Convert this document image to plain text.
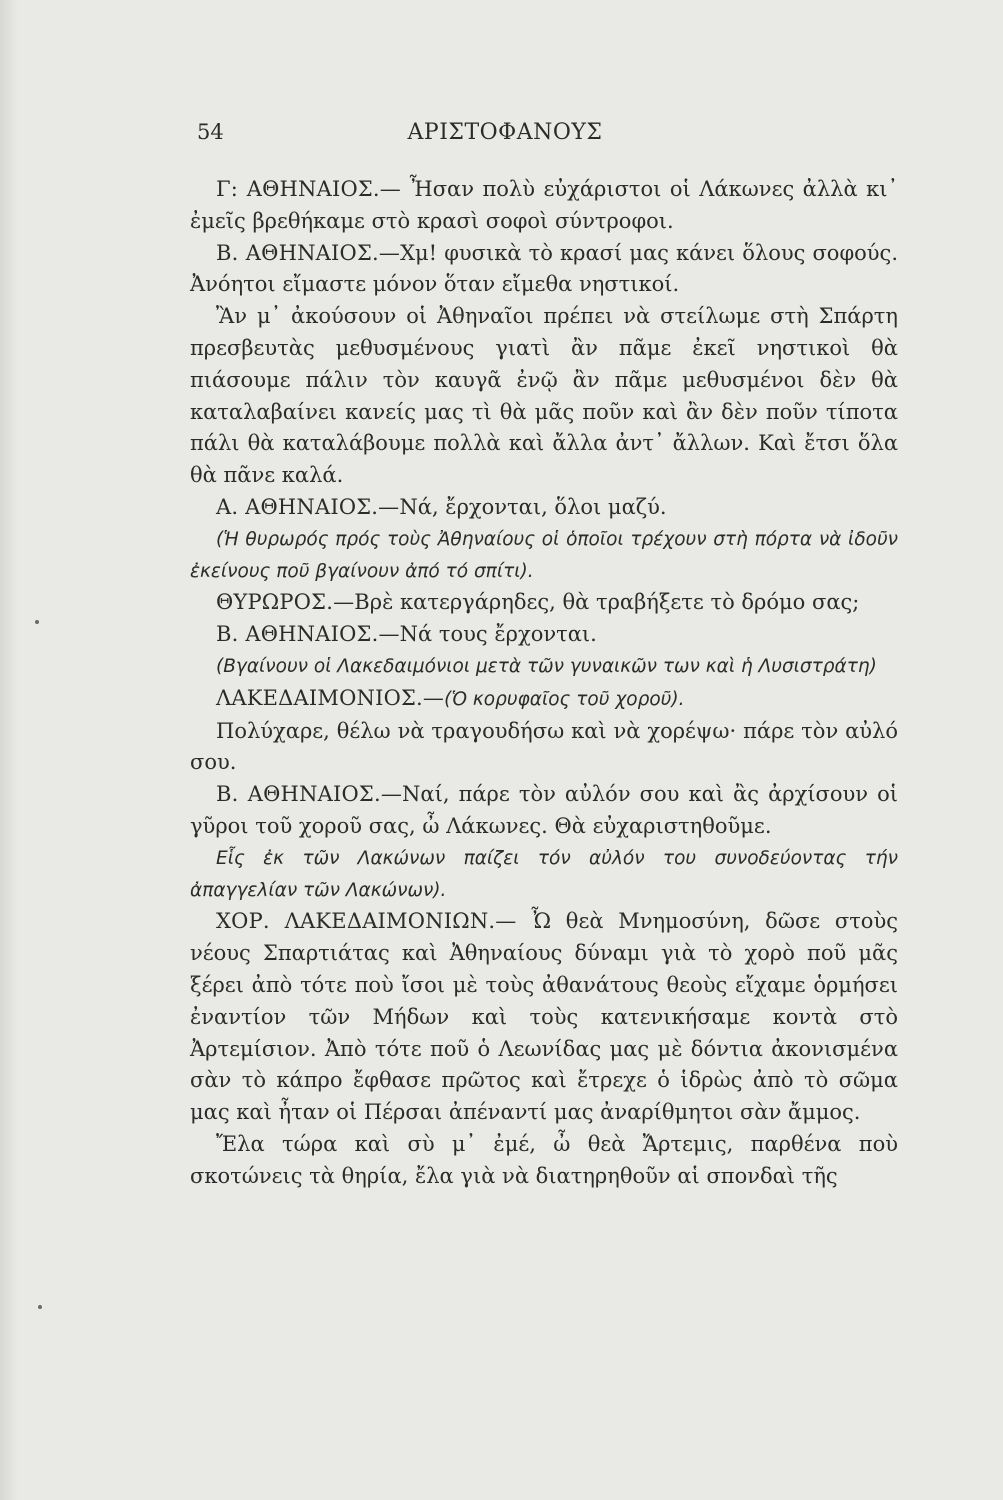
54	ΑΡΙΣΤΟΦΑΝΟΥΣ

Γ: ΑΘΗΝΑΙΟΣ.— Ἦσαν πολὺ εὐχάριστοι οἱ Λάκωνες ἀλλὰ κι᾿ ἐμεῖς βρεθήκαμε στὸ κρασὶ σοφοὶ σύντροφοι.

Β. ΑΘΗΝΑΙΟΣ.—Χμ! φυσικὰ τὸ κρασί μας κάνει ὅλους σοφούς. Ἀνόητοι εἴμαστε μόνον ὅταν εἴμεθα νηστικοί.

Ἂν μ᾿ ἀκούσουν οἱ Ἀθηναῖοι πρέπει νὰ στείλωμε στὴ Σπάρτη πρεσβευτὰς μεθυσμένους γιατὶ ἂν πᾶμε ἐκεῖ νηστικοὶ θὰ πιάσουμε πάλιν τὸν καυγᾶ ἐνῷ ἂν πᾶμε μεθυσμένοι δὲν θὰ καταλαβαίνει κανείς μας τὶ θὰ μᾶς ποῦν καὶ ἂν δὲν ποῦν τίποτα πάλι θὰ καταλάβουμε πολλὰ καὶ ἄλλα ἀντ᾿ ἄλλων. Καὶ ἔτσι ὅλα θὰ πᾶνε καλά.

Α. ΑΘΗΝΑΙΟΣ.—Νά, ἔρχονται, ὅλοι μαζύ.

(Ἡ θυρωρός πρός τοὺς Ἀθηναίους οἱ ὁποῖοι τρέχουν στὴ πόρτα νὰ ἰδοῦν ἐκείνους ποῦ βγαίνουν ἀπό τό σπίτι).

ΘΥΡΩΡΟΣ.—Βρὲ κατεργάρηδες, θὰ τραβήξετε τὸ δρόμο σας;

Β. ΑΘΗΝΑΙΟΣ.—Νά τους ἔρχονται.

(Βγαίνουν οἱ Λακεδαιμόνιοι μετὰ τῶν γυναικῶν των καὶ ἡ Λυσιστράτη)

ΛΑΚΕΔΑΙΜΟΝΙΟΣ.—(Ὁ κορυφαῖος τοῦ χοροῦ).

Πολύχαρε, θέλω νὰ τραγουδήσω καὶ νὰ χορέψω· πάρε τὸν αὐλό σου.

Β. ΑΘΗΝΑΙΟΣ.—Ναί, πάρε τὸν αὐλόν σου καὶ ἂς ἀρχίσουν οἱ γῦροι τοῦ χοροῦ σας, ὦ Λάκωνες. Θὰ εὐχαριστηθοῦμε.

Εἷς ἐκ τῶν Λακώνων παίζει τόν αὐλόν του συνοδεύοντας τήν ἀπαγγελίαν τῶν Λακώνων).

ΧΟΡ. ΛΑΚΕΔΑΙΜΟΝΙΩΝ.— Ὦ θεὰ Μνημοσύνη, δῶσε στοὺς νέους Σπαρτιάτας καὶ Ἀθηναίους δύναμι γιὰ τὸ χορὸ ποῦ μᾶς ξέρει ἀπὸ τότε ποὺ ἴσοι μὲ τοὺς ἀθανάτους θεοὺς εἴχαμε ὁρμήσει ἐναντίον τῶν Μήδων καὶ τοὺς κατενικήσαμε κοντὰ στὸ Ἀρτεμίσιον. Ἀπὸ τότε ποῦ ὁ Λεωνίδας μας μὲ δόντια ἀκονισμένα σὰν τὸ κάπρο ἔφθασε πρῶτος καὶ ἔτρεχε ὁ ἱδρὼς ἀπὸ τὸ σῶμα μας καὶ ἦταν οἱ Πέρσαι ἀπέναντί μας ἀναρίθμητοι σὰν ἄμμος.

Ἔλα τώρα καὶ σὺ μ᾿ ἐμέ, ὦ θεὰ Ἄρτεμις, παρθένα ποὺ σκοτώνεις τὰ θηρία, ἔλα γιὰ νὰ διατηρηθοῦν αἱ σπονδαὶ τῆς
